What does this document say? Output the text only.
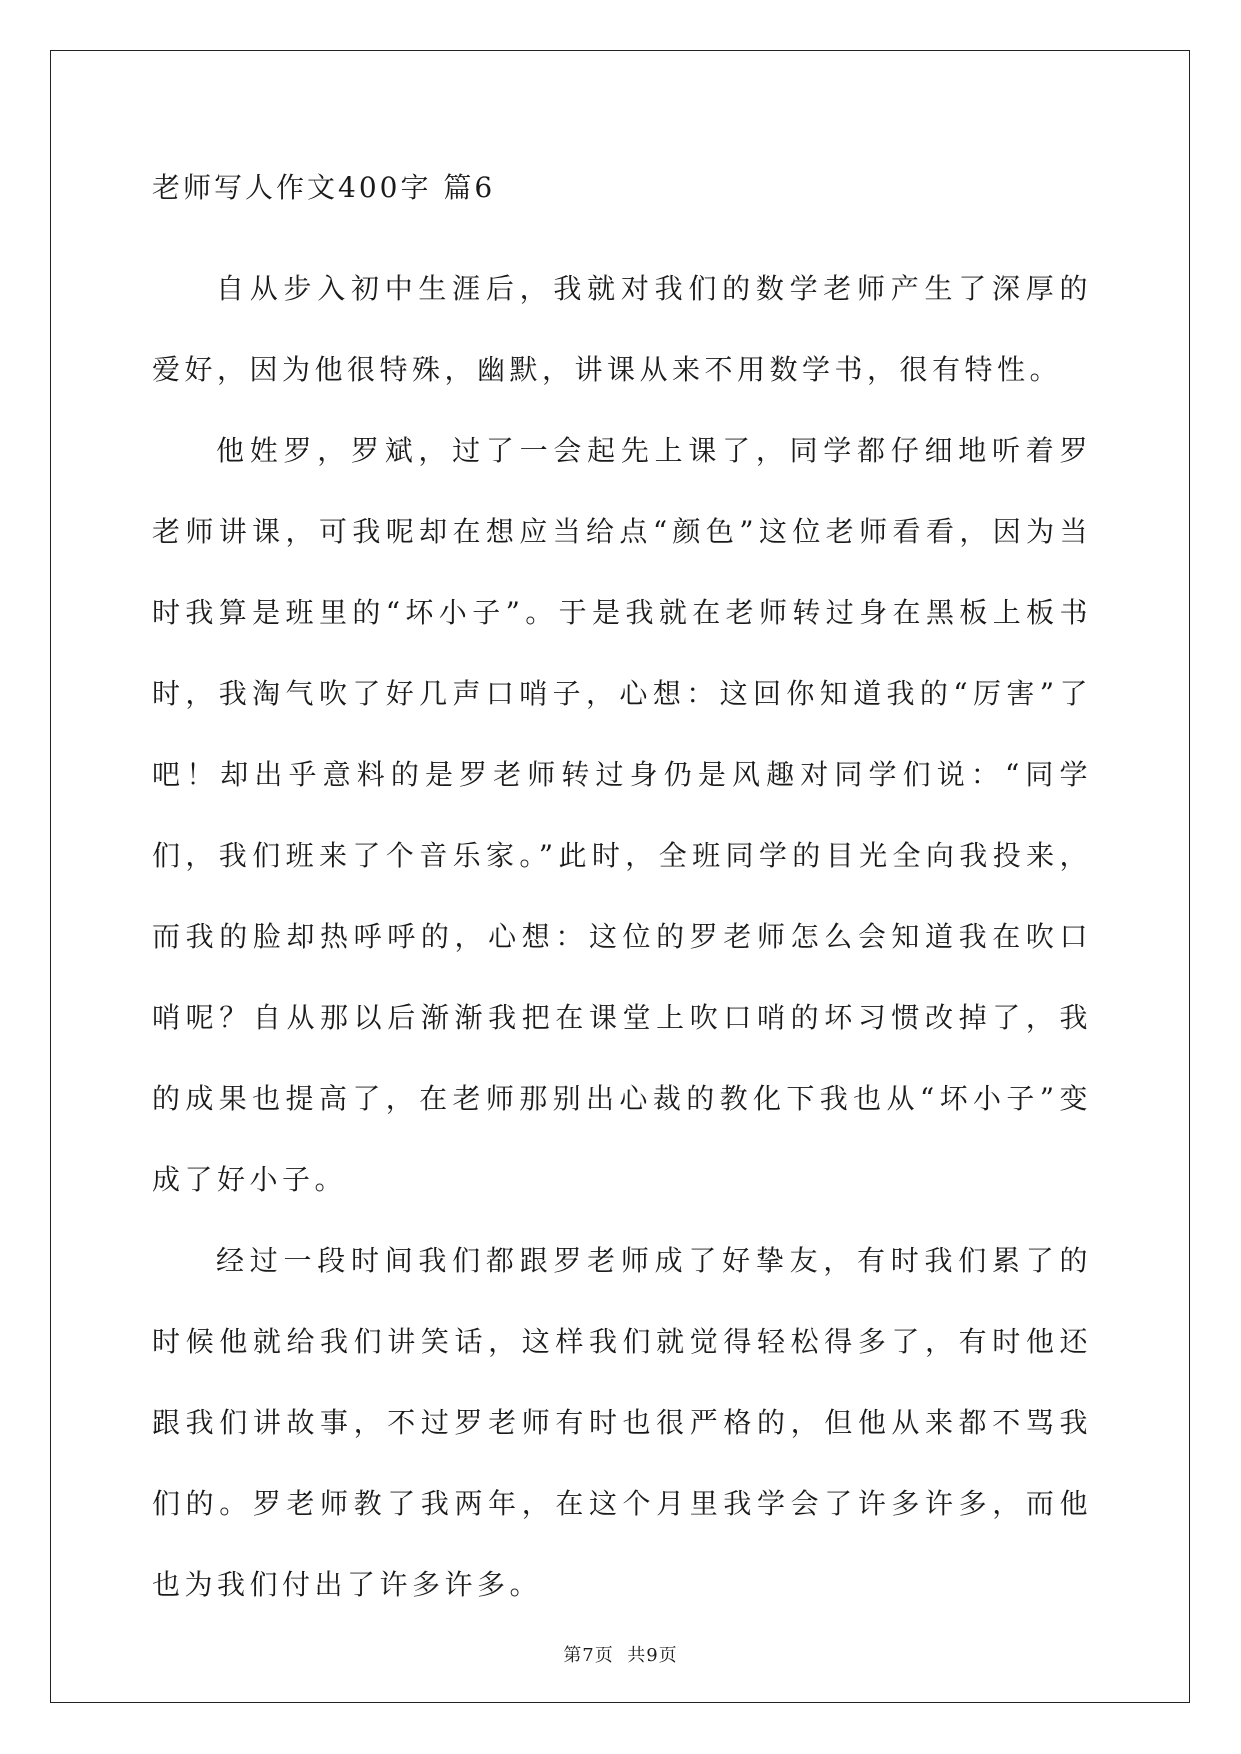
老师写人作文400字 篇6

自从步入初中生涯后，我就对我们的数学老师产生了深厚的爱好，因为他很特殊，幽默，讲课从来不用数学书，很有特性。

他姓罗，罗斌，过了一会起先上课了，同学都仔细地听着罗老师讲课，可我呢却在想应当给点“颜色”这位老师看看，因为当时我算是班里的“坏小子”。于是我就在老师转过身在黑板上板书时，我淘气吹了好几声口哨子，心想：这回你知道我的“厉害”了吧！却出乎意料的是罗老师转过身仍是风趣对同学们说：“同学们，我们班来了个音乐家。”此时，全班同学的目光全向我投来，而我的脸却热呼呼的，心想：这位的罗老师怎么会知道我在吹口哨呢？自从那以后渐渐我把在课堂上吹口哨的坏习惯改掉了，我的成果也提高了，在老师那别出心裁的教化下我也从“坏小子”变成了好小子。

经过一段时间我们都跟罗老师成了好挚友，有时我们累了的时候他就给我们讲笑话，这样我们就觉得轻松得多了，有时他还跟我们讲故事，不过罗老师有时也很严格的，但他从来都不骂我们的。罗老师教了我两年，在这个月里我学会了许多许多，而他也为我们付出了许多许多。

第7页  共9页
